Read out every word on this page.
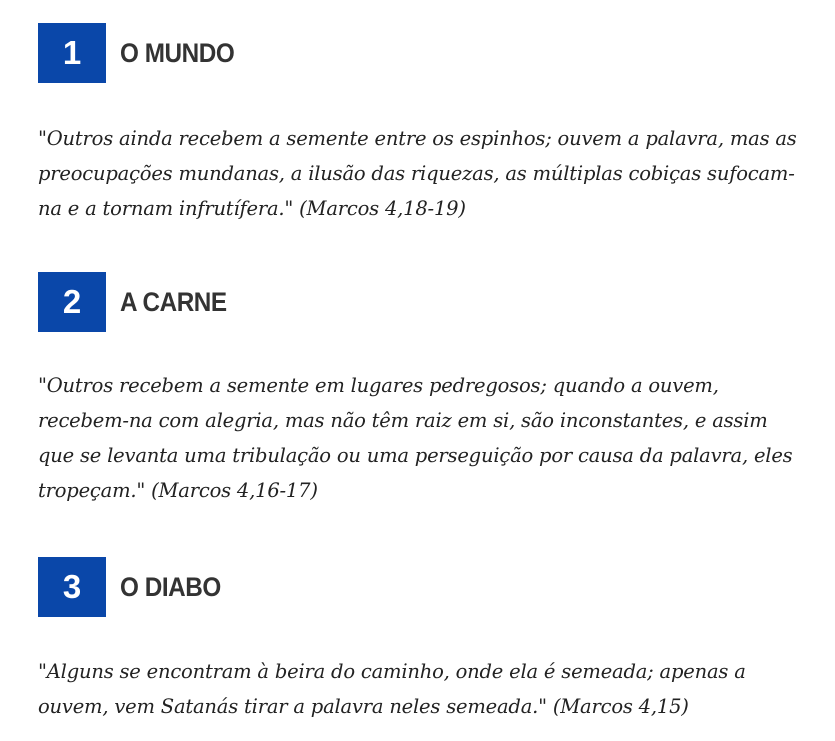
1	O MUNDO

"Outros ainda recebem a semente entre os espinhos; ouvem a palavra, mas as preocupações mundanas, a ilusão das riquezas, as múltiplas cobiças sufocam-na e a tornam infrutífera." (Marcos 4,18-19)

2	A CARNE

"Outros recebem a semente em lugares pedregosos; quando a ouvem, recebem-na com alegria, mas não têm raiz em si, são inconstantes, e assim que se levanta uma tribulação ou uma perseguição por causa da palavra, eles tropeçam." (Marcos 4,16-17)

3	O DIABO

"Alguns se encontram à beira do caminho, onde ela é semeada; apenas a ouvem, vem Satanás tirar a palavra neles semeada." (Marcos 4,15)
